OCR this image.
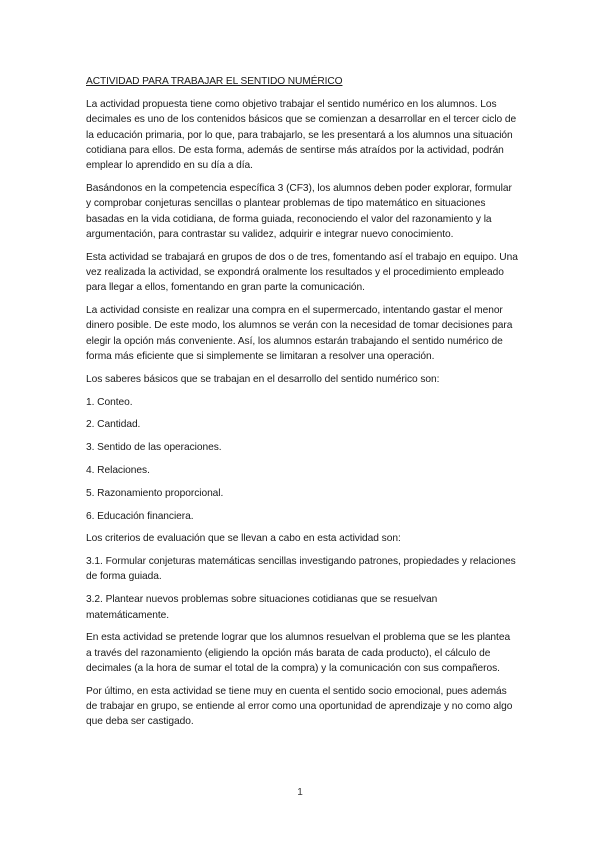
ACTIVIDAD PARA TRABAJAR EL SENTIDO NUMÉRICO

La actividad propuesta tiene como objetivo trabajar el sentido numérico en los alumnos. Los decimales es uno de los contenidos básicos que se comienzan a desarrollar en el tercer ciclo de la educación primaria, por lo que, para trabajarlo, se les presentará a los alumnos una situación cotidiana para ellos. De esta forma, además de sentirse más atraídos por la actividad, podrán emplear lo aprendido en su día a día.

Basándonos en la competencia específica 3 (CF3), los alumnos deben poder explorar, formular y comprobar conjeturas sencillas o plantear problemas de tipo matemático en situaciones basadas en la vida cotidiana, de forma guiada, reconociendo el valor del razonamiento y la argumentación, para contrastar su validez, adquirir e integrar nuevo conocimiento.

Esta actividad se trabajará en grupos de dos o de tres, fomentando así el trabajo en equipo. Una vez realizada la actividad, se expondrá oralmente los resultados y el procedimiento empleado para llegar a ellos, fomentando en gran parte la comunicación.

La actividad consiste en realizar una compra en el supermercado, intentando gastar el menor dinero posible. De este modo, los alumnos se verán con la necesidad de tomar decisiones para elegir la opción más conveniente. Así, los alumnos estarán trabajando el sentido numérico de forma más eficiente que si simplemente se limitaran a resolver una operación.

Los saberes básicos que se trabajan en el desarrollo del sentido numérico son:

1. Conteo.

2. Cantidad.

3. Sentido de las operaciones.

4. Relaciones.

5. Razonamiento proporcional.

6. Educación financiera.

Los criterios de evaluación que se llevan a cabo en esta actividad son:

3.1. Formular conjeturas matemáticas sencillas investigando patrones, propiedades y relaciones de forma guiada.

3.2. Plantear nuevos problemas sobre situaciones cotidianas que se resuelvan matemáticamente.

En esta actividad se pretende lograr que los alumnos resuelvan el problema que se les plantea a través del razonamiento (eligiendo la opción más barata de cada producto), el cálculo de decimales (a la hora de sumar el total de la compra) y la comunicación con sus compañeros.

Por último, en esta actividad se tiene muy en cuenta el sentido socio emocional, pues además de trabajar en grupo, se entiende al error como una oportunidad de aprendizaje y no como algo que deba ser castigado.

1
